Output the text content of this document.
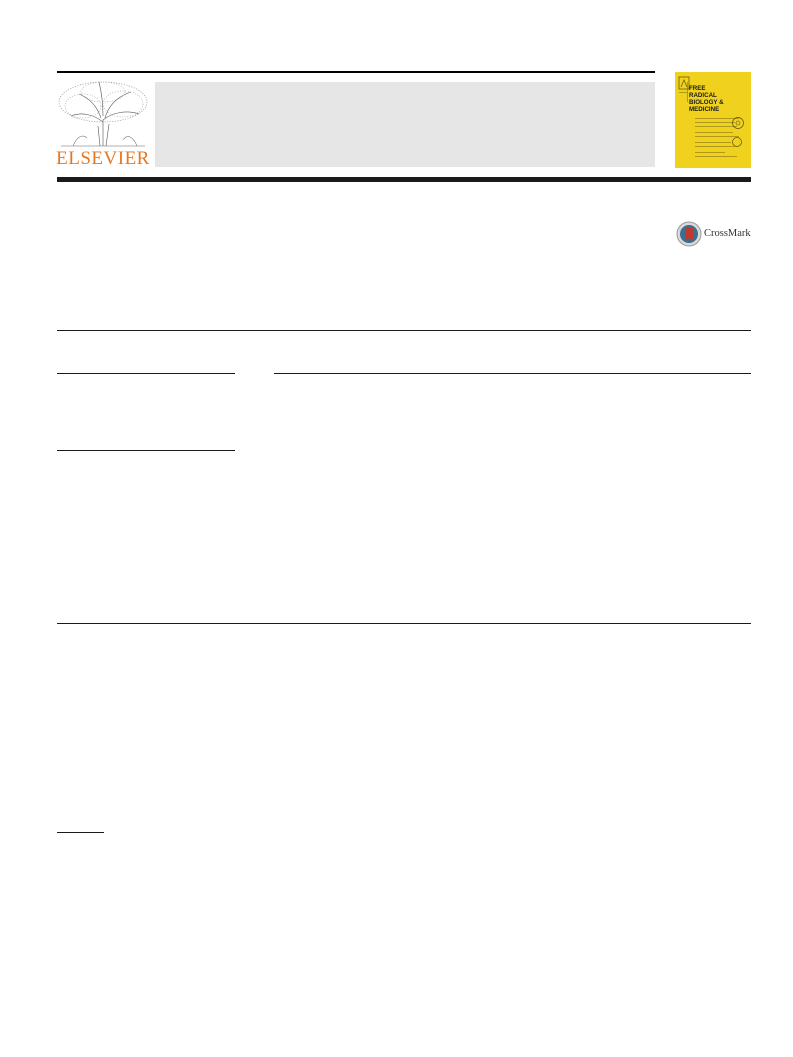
ELSEVIER
FREE
RADICAL
BIOLOGY &
MEDICINE
CrossMark
